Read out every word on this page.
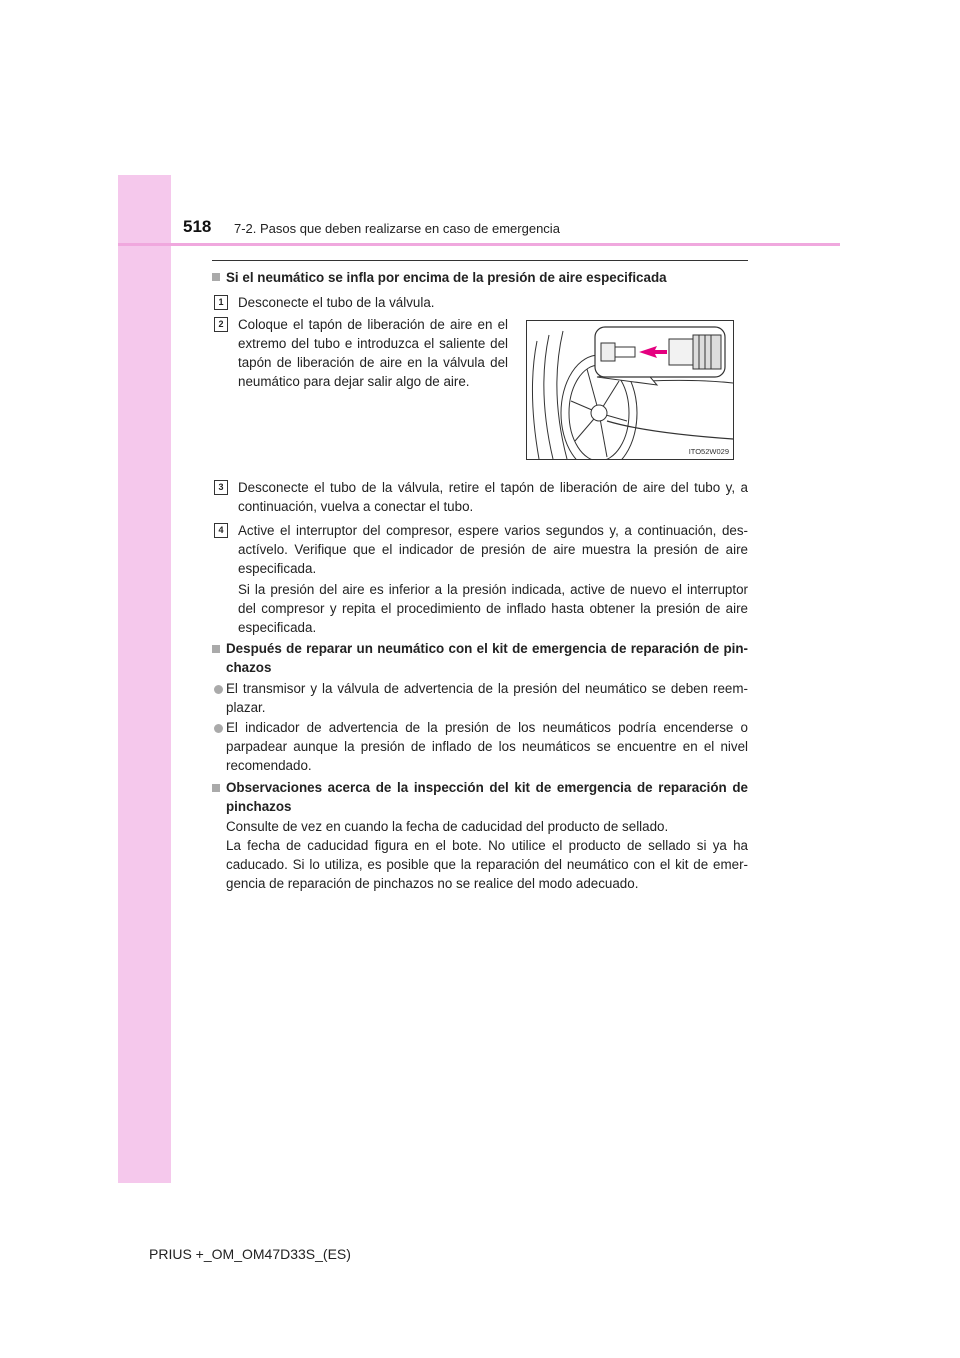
518 7-2. Pasos que deben realizarse en caso de emergencia
Si el neumático se infla por encima de la presión de aire especificada
1	Desconecte el tubo de la válvula.
2	Coloque el tapón de liberación de aire en el
extremo del tubo e introduzca el saliente del
tapón de liberación de aire en la válvula del
neumático para dejar salir algo de aire.
ITO52W029
3	Desconecte el tubo de la válvula, retire el tapón de liberación de aire del tubo y, a
continuación, vuelva a conectar el tubo.
4	Active el interruptor del compresor, espere varios segundos y, a continuación, des-
actívelo. Verifique que el indicador de presión de aire muestra la presión de aire
especificada.
Si la presión del aire es inferior a la presión indicada, active de nuevo el interruptor
del compresor y repita el procedimiento de inflado hasta obtener la presión de aire
especificada.
Después de reparar un neumático con el kit de emergencia de reparación de pin-
chazos
El transmisor y la válvula de advertencia de la presión del neumático se deben reem-
plazar.
El indicador de advertencia de la presión de los neumáticos podría encenderse o
parpadear aunque la presión de inflado de los neumáticos se encuentre en el nivel
recomendado.
Observaciones acerca de la inspección del kit de emergencia de reparación de
pinchazos
Consulte de vez en cuando la fecha de caducidad del producto de sellado.
La fecha de caducidad figura en el bote. No utilice el producto de sellado si ya ha
caducado. Si lo utiliza, es posible que la reparación del neumático con el kit de emer-
gencia de reparación de pinchazos no se realice del modo adecuado.
PRIUS +_OM_OM47D33S_(ES)
